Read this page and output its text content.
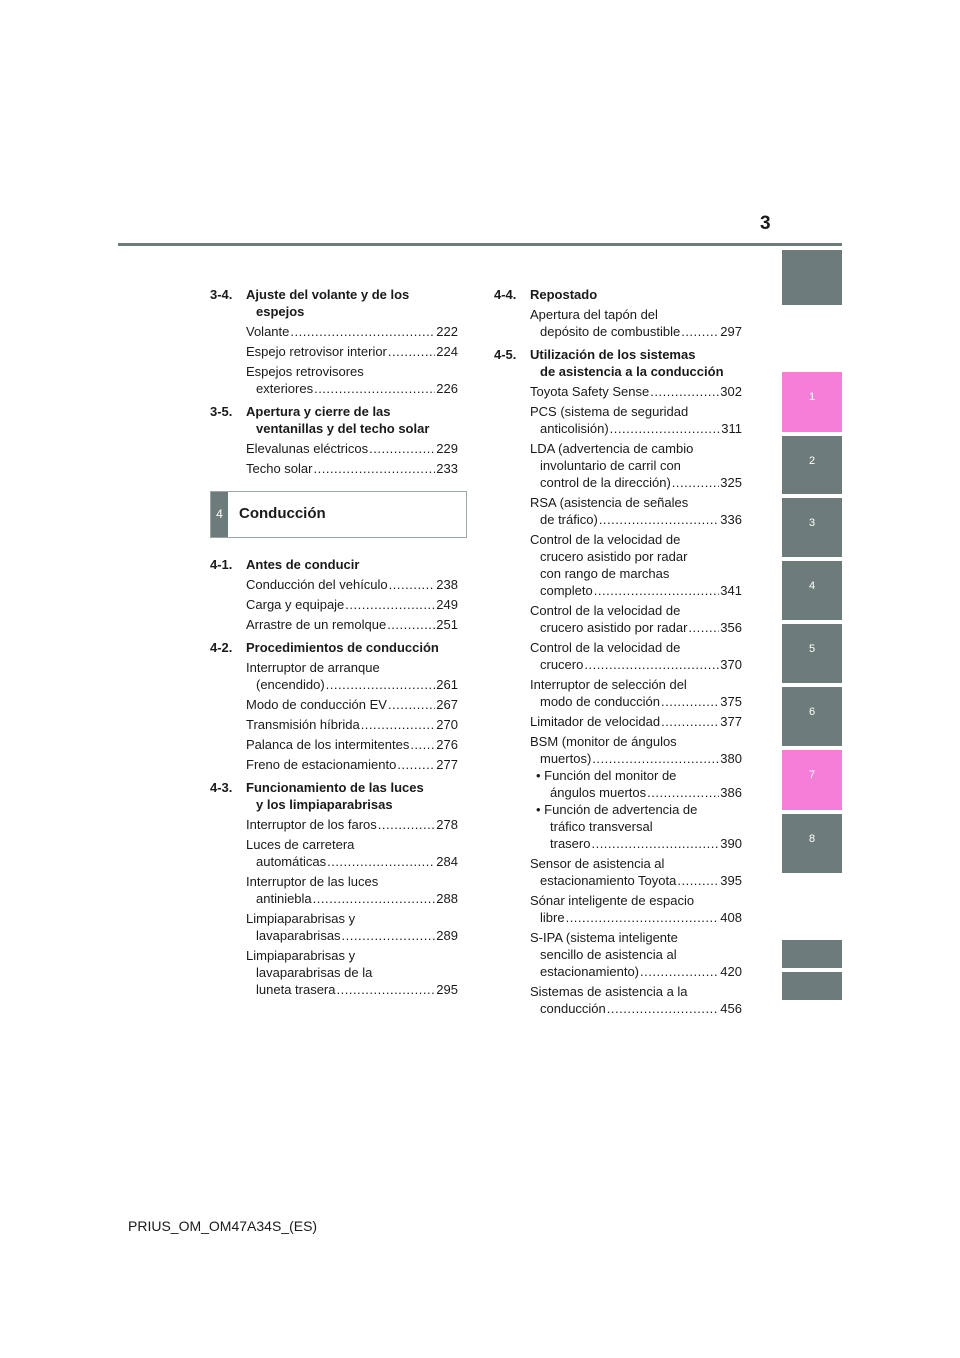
3
1
2
3
4
5
6
7
8
3-4. Ajuste del volante y de los
espejos
Volante .....	222
Espejo retrovisor interior .....	224
Espejos retrovisores
exteriores .....	226
3-5. Apertura y cierre de las
ventanillas y del techo solar
Elevalunas eléctricos .....	229
Techo solar .....	233
4	Conducción
4-1. Antes de conducir
Conducción del vehículo .....	238
Carga y equipaje .....	249
Arrastre de un remolque .....	251
4-2. Procedimientos de conducción
Interruptor de arranque
(encendido) .....	261
Modo de conducción EV .....	267
Transmisión híbrida .....	270
Palanca de los intermitentes ..... 276
Freno de estacionamiento .....	277
4-3. Funcionamiento de las luces
y los limpiaparabrisas
Interruptor de los faros .....	278
Luces de carretera
automáticas .....	284
Interruptor de las luces
antiniebla .....	288
Limpiaparabrisas y
lavaparabrisas .....	289
Limpiaparabrisas y
lavaparabrisas de la
luneta trasera .....	295
4-4. Repostado
Apertura del tapón del
depósito de combustible .....	297
4-5. Utilización de los sistemas
de asistencia a la conducción
Toyota Safety Sense .....	302
PCS (sistema de seguridad
anticolisión) .....	311
LDA (advertencia de cambio
involuntario de carril con
control de la dirección) .....	325
RSA (asistencia de señales
de tráfico) .....	336
Control de la velocidad de
crucero asistido por radar
con rango de marchas
completo .....	341
Control de la velocidad de
crucero asistido por radar .....	356
Control de la velocidad de
crucero .....	370
Interruptor de selección del
modo de conducción .....	375
Limitador de velocidad .....	377
BSM (monitor de ángulos
muertos) .....	380
• Función del monitor de
ángulos muertos .....	386
• Función de advertencia de
tráfico transversal
trasero .....	390
Sensor de asistencia al
estacionamiento Toyota .....	395
Sónar inteligente de espacio
libre .....	408
S-IPA (sistema inteligente
sencillo de asistencia al
estacionamiento) .....	420
Sistemas de asistencia a la
conducción .....	456
PRIUS_OM_OM47A34S_(ES)
